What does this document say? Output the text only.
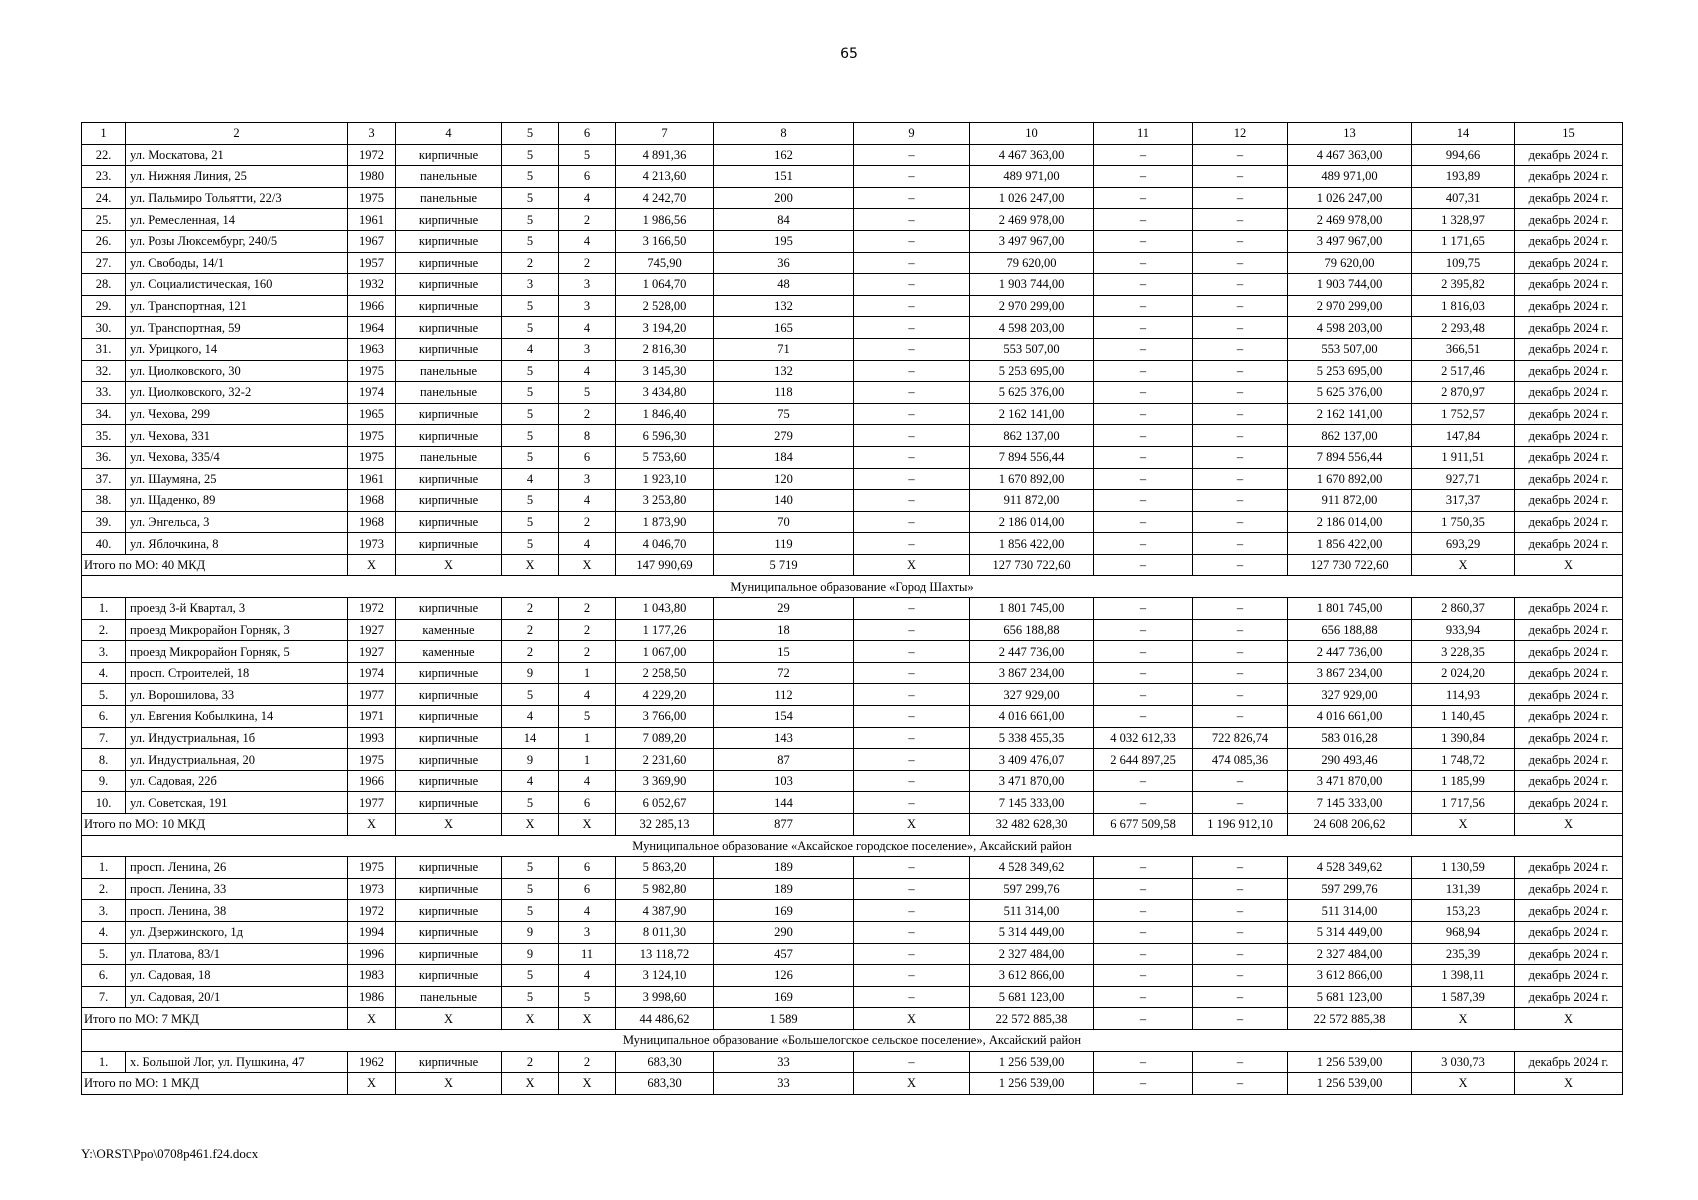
65
1	2	3	4	5	6	7	8	9	10	11	12	13	14	15
22.	ул. Москатова, 21	1972	кирпичные	5	5	4 891,36	162	–	4 467 363,00	–	–	4 467 363,00	994,66	декабрь 2024 г.
23.	ул. Нижняя Линия, 25	1980	панельные	5	6	4 213,60	151	–	489 971,00	–	–	489 971,00	193,89	декабрь 2024 г.
24.	ул. Пальмиро Тольятти, 22/3	1975	панельные	5	4	4 242,70	200	–	1 026 247,00	–	–	1 026 247,00	407,31	декабрь 2024 г.
25.	ул. Ремесленная, 14	1961	кирпичные	5	2	1 986,56	84	–	2 469 978,00	–	–	2 469 978,00	1 328,97	декабрь 2024 г.
26.	ул. Розы Люксембург, 240/5	1967	кирпичные	5	4	3 166,50	195	–	3 497 967,00	–	–	3 497 967,00	1 171,65	декабрь 2024 г.
27.	ул. Свободы, 14/1	1957	кирпичные	2	2	745,90	36	–	79 620,00	–	–	79 620,00	109,75	декабрь 2024 г.
28.	ул. Социалистическая, 160	1932	кирпичные	3	3	1 064,70	48	–	1 903 744,00	–	–	1 903 744,00	2 395,82	декабрь 2024 г.
29.	ул. Транспортная, 121	1966	кирпичные	5	3	2 528,00	132	–	2 970 299,00	–	–	2 970 299,00	1 816,03	декабрь 2024 г.
30.	ул. Транспортная, 59	1964	кирпичные	5	4	3 194,20	165	–	4 598 203,00	–	–	4 598 203,00	2 293,48	декабрь 2024 г.
31.	ул. Урицкого, 14	1963	кирпичные	4	3	2 816,30	71	–	553 507,00	–	–	553 507,00	366,51	декабрь 2024 г.
32.	ул. Циолковского, 30	1975	панельные	5	4	3 145,30	132	–	5 253 695,00	–	–	5 253 695,00	2 517,46	декабрь 2024 г.
33.	ул. Циолковского, 32-2	1974	панельные	5	5	3 434,80	118	–	5 625 376,00	–	–	5 625 376,00	2 870,97	декабрь 2024 г.
34.	ул. Чехова, 299	1965	кирпичные	5	2	1 846,40	75	–	2 162 141,00	–	–	2 162 141,00	1 752,57	декабрь 2024 г.
35.	ул. Чехова, 331	1975	кирпичные	5	8	6 596,30	279	–	862 137,00	–	–	862 137,00	147,84	декабрь 2024 г.
36.	ул. Чехова, 335/4	1975	панельные	5	6	5 753,60	184	–	7 894 556,44	–	–	7 894 556,44	1 911,51	декабрь 2024 г.
37.	ул. Шаумяна, 25	1961	кирпичные	4	3	1 923,10	120	–	1 670 892,00	–	–	1 670 892,00	927,71	декабрь 2024 г.
38.	ул. Щаденко, 89	1968	кирпичные	5	4	3 253,80	140	–	911 872,00	–	–	911 872,00	317,37	декабрь 2024 г.
39.	ул. Энгельса, 3	1968	кирпичные	5	2	1 873,90	70	–	2 186 014,00	–	–	2 186 014,00	1 750,35	декабрь 2024 г.
40.	ул. Яблочкина, 8	1973	кирпичные	5	4	4 046,70	119	–	1 856 422,00	–	–	1 856 422,00	693,29	декабрь 2024 г.
Итого по МО: 40 МКД		X	X	X	X	147 990,69	5 719	X	127 730 722,60	–	–	127 730 722,60	X	X
Муниципальное образование «Город Шахты»														
1.	проезд 3-й Квартал, 3	1972	кирпичные	2	2	1 043,80	29	–	1 801 745,00	–	–	1 801 745,00	2 860,37	декабрь 2024 г.
2.	проезд Микрорайон Горняк, 3	1927	каменные	2	2	1 177,26	18	–	656 188,88	–	–	656 188,88	933,94	декабрь 2024 г.
3.	проезд Микрорайон Горняк, 5	1927	каменные	2	2	1 067,00	15	–	2 447 736,00	–	–	2 447 736,00	3 228,35	декабрь 2024 г.
4.	просп. Строителей, 18	1974	кирпичные	9	1	2 258,50	72	–	3 867 234,00	–	–	3 867 234,00	2 024,20	декабрь 2024 г.
5.	ул. Ворошилова, 33	1977	кирпичные	5	4	4 229,20	112	–	327 929,00	–	–	327 929,00	114,93	декабрь 2024 г.
6.	ул. Евгения Кобылкина, 14	1971	кирпичные	4	5	3 766,00	154	–	4 016 661,00	–	–	4 016 661,00	1 140,45	декабрь 2024 г.
7.	ул. Индустриальная, 1б	1993	кирпичные	14	1	7 089,20	143	–	5 338 455,35	4 032 612,33	722 826,74	583 016,28	1 390,84	декабрь 2024 г.
8.	ул. Индустриальная, 20	1975	кирпичные	9	1	2 231,60	87	–	3 409 476,07	2 644 897,25	474 085,36	290 493,46	1 748,72	декабрь 2024 г.
9.	ул. Садовая, 22б	1966	кирпичные	4	4	3 369,90	103	–	3 471 870,00	–	–	3 471 870,00	1 185,99	декабрь 2024 г.
10.	ул. Советская, 191	1977	кирпичные	5	6	6 052,67	144	–	7 145 333,00	–	–	7 145 333,00	1 717,56	декабрь 2024 г.
Итого по МО: 10 МКД		X	X	X	X	32 285,13	877	X	32 482 628,30	6 677 509,58	1 196 912,10	24 608 206,62	X	X
Муниципальное образование «Аксайское городское поселение», Аксайский район														
1.	просп. Ленина, 26	1975	кирпичные	5	6	5 863,20	189	–	4 528 349,62	–	–	4 528 349,62	1 130,59	декабрь 2024 г.
2.	просп. Ленина, 33	1973	кирпичные	5	6	5 982,80	189	–	597 299,76	–	–	597 299,76	131,39	декабрь 2024 г.
3.	просп. Ленина, 38	1972	кирпичные	5	4	4 387,90	169	–	511 314,00	–	–	511 314,00	153,23	декабрь 2024 г.
4.	ул. Дзержинского, 1д	1994	кирпичные	9	3	8 011,30	290	–	5 314 449,00	–	–	5 314 449,00	968,94	декабрь 2024 г.
5.	ул. Платова, 83/1	1996	кирпичные	9	11	13 118,72	457	–	2 327 484,00	–	–	2 327 484,00	235,39	декабрь 2024 г.
6.	ул. Садовая, 18	1983	кирпичные	5	4	3 124,10	126	–	3 612 866,00	–	–	3 612 866,00	1 398,11	декабрь 2024 г.
7.	ул. Садовая, 20/1	1986	панельные	5	5	3 998,60	169	–	5 681 123,00	–	–	5 681 123,00	1 587,39	декабрь 2024 г.
Итого по МО: 7 МКД		X	X	X	X	44 486,62	1 589	X	22 572 885,38	–	–	22 572 885,38	X	X
Муниципальное образование «Большелогское сельское поселение», Аксайский район														
1.	х. Большой Лог, ул. Пушкина, 47	1962	кирпичные	2	2	683,30	33	–	1 256 539,00	–	–	1 256 539,00	3 030,73	декабрь 2024 г.
Итого по МО: 1 МКД		X	X	X	X	683,30	33	X	1 256 539,00	–	–	1 256 539,00	X	X
Y:\ORST\Ppo\0708p461.f24.docx
